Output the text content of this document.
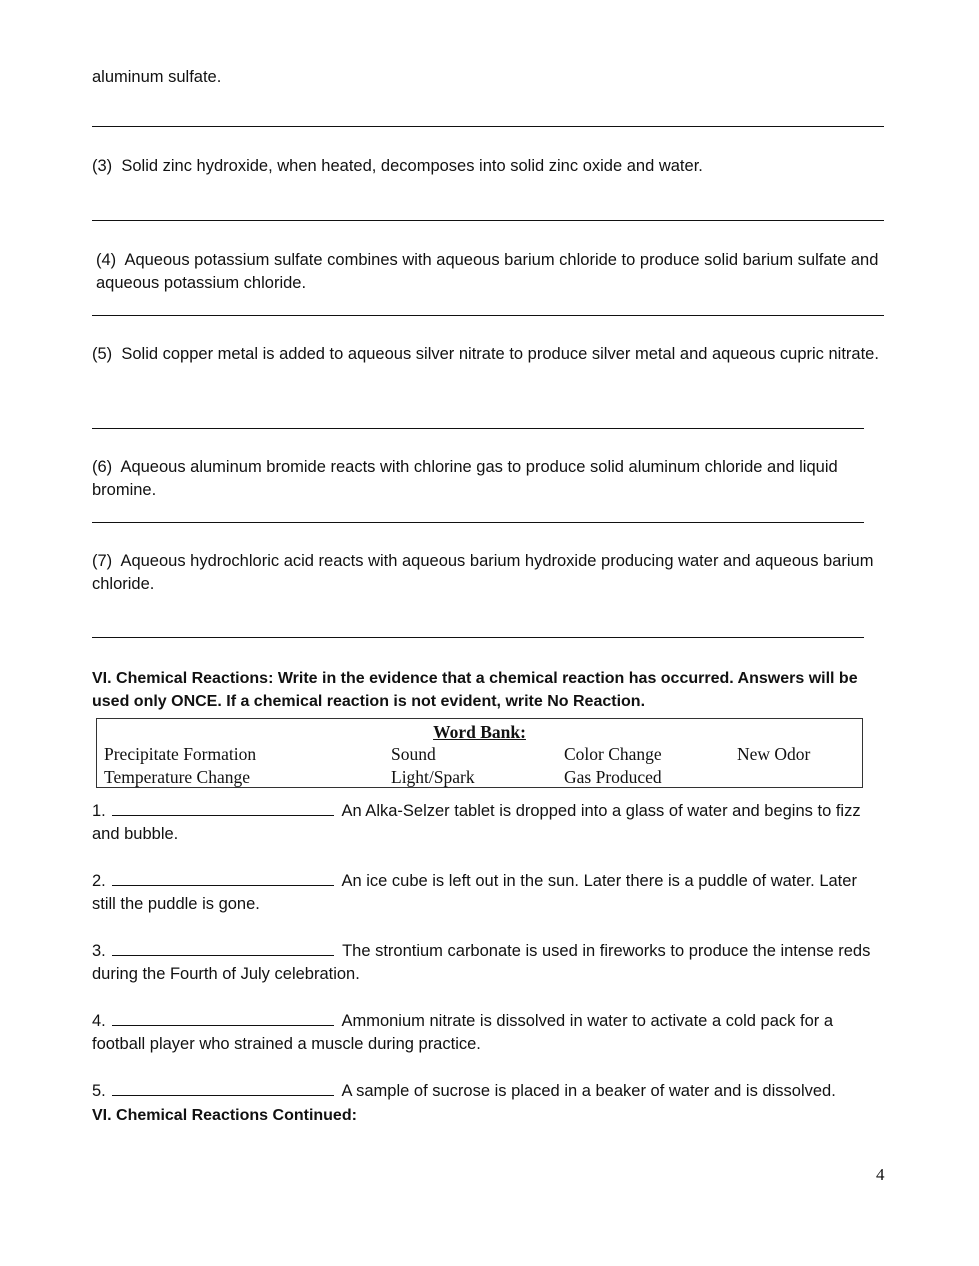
aluminum sulfate.
(3) Solid zinc hydroxide, when heated, decomposes into solid zinc oxide and water.
(4) Aqueous potassium sulfate combines with aqueous barium chloride to produce solid barium sulfate and aqueous potassium chloride.
(5) Solid copper metal is added to aqueous silver nitrate to produce silver metal and aqueous cupric nitrate.
(6) Aqueous aluminum bromide reacts with chlorine gas to produce solid aluminum chloride and liquid bromine.
(7) Aqueous hydrochloric acid reacts with aqueous barium hydroxide producing water and aqueous barium chloride.
VI. Chemical Reactions: Write in the evidence that a chemical reaction has occurred. Answers will be used only ONCE. If a chemical reaction is not evident, write No Reaction.
Word Bank:
Precipitate Formation	Sound	Color Change	New Odor
Temperature Change	Light/Spark	Gas Produced
1.	An Alka-Selzer tablet is dropped into a glass of water and begins to fizz and bubble.
2.	An ice cube is left out in the sun. Later there is a puddle of water. Later still the puddle is gone.
3.	The strontium carbonate is used in fireworks to produce the intense reds during the Fourth of July celebration.
4.	Ammonium nitrate is dissolved in water to activate a cold pack for a football player who strained a muscle during practice.
5.	A sample of sucrose is placed in a beaker of water and is dissolved.
VI. Chemical Reactions Continued:
4
